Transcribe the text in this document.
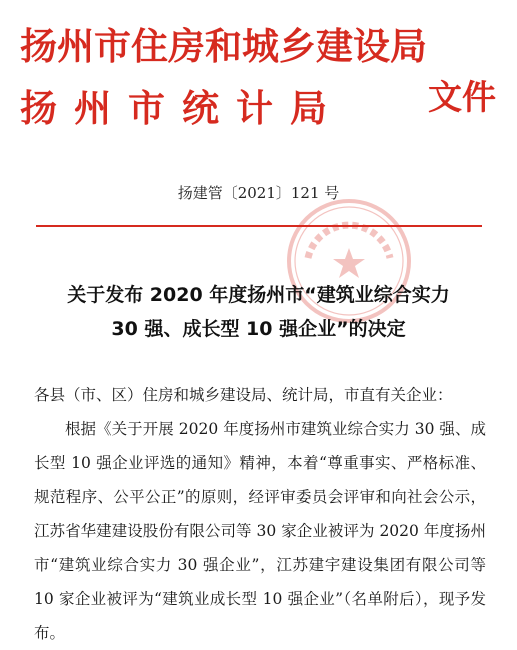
扬州市住房和城乡建设局
扬州市统计局 文件
扬建管〔2021〕121 号
关于发布 2020 年度扬州市“建筑业综合实力
30 强、成长型 10 强企业”的决定
各县（市、区）住房和城乡建设局、统计局，市直有关企业：

根据《关于开展 2020 年度扬州市建筑业综合实力 30 强、成长型 10 强企业评选的通知》精神，本着“尊重事实、严格标准、规范程序、公平公正”的原则，经评审委员会评审和向社会公示，江苏省华建建设股份有限公司等 30 家企业被评为 2020 年度扬州市“建筑业综合实力 30 强企业”，江苏建宇建设集团有限公司等 10 家企业被评为“建筑业成长型 10 强企业”（名单附后），现予发布。
